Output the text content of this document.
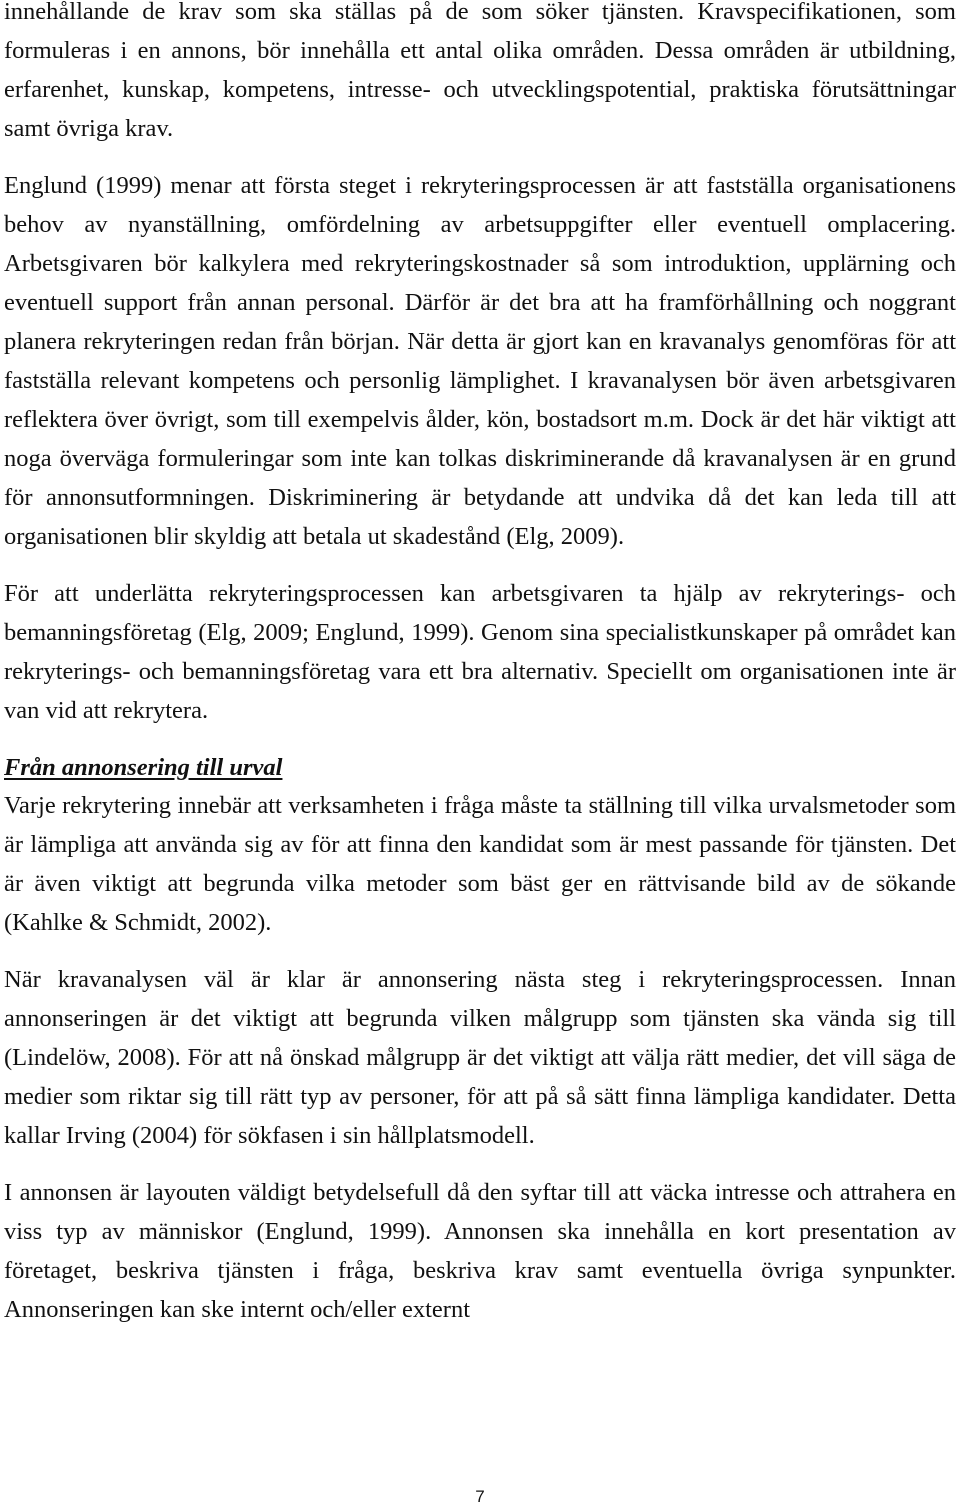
innehållande de krav som ska ställas på de som söker tjänsten. Kravspecifikationen, som formuleras i en annons, bör innehålla ett antal olika områden. Dessa områden är utbildning, erfarenhet, kunskap, kompetens, intresse- och utvecklingspotential, praktiska förutsättningar samt övriga krav.

Englund (1999) menar att första steget i rekryteringsprocessen är att fastställa organisationens behov av nyanställning, omfördelning av arbetsuppgifter eller eventuell omplacering. Arbetsgivaren bör kalkylera med rekryteringskostnader så som introduktion, upplärning och eventuell support från annan personal. Därför är det bra att ha framförhållning och noggrant planera rekryteringen redan från början. När detta är gjort kan en kravanalys genomföras för att fastställa relevant kompetens och personlig lämplighet. I kravanalysen bör även arbetsgivaren reflektera över övrigt, som till exempelvis ålder, kön, bostadsort m.m. Dock är det här viktigt att noga överväga formuleringar som inte kan tolkas diskriminerande då kravanalysen är en grund för annonsutformningen. Diskriminering är betydande att undvika då det kan leda till att organisationen blir skyldig att betala ut skadestånd (Elg, 2009).

För att underlätta rekryteringsprocessen kan arbetsgivaren ta hjälp av rekryterings- och bemanningsföretag (Elg, 2009; Englund, 1999). Genom sina specialistkunskaper på området kan rekryterings- och bemanningsföretag vara ett bra alternativ. Speciellt om organisationen inte är van vid att rekrytera.

Från annonsering till urval

Varje rekrytering innebär att verksamheten i fråga måste ta ställning till vilka urvalsmetoder som är lämpliga att använda sig av för att finna den kandidat som är mest passande för tjänsten. Det är även viktigt att begrunda vilka metoder som bäst ger en rättvisande bild av de sökande (Kahlke & Schmidt, 2002).

När kravanalysen väl är klar är annonsering nästa steg i rekryteringsprocessen. Innan annonseringen är det viktigt att begrunda vilken målgrupp som tjänsten ska vända sig till (Lindelöw, 2008). För att nå önskad målgrupp är det viktigt att välja rätt medier, det vill säga de medier som riktar sig till rätt typ av personer, för att på så sätt finna lämpliga kandidater. Detta kallar Irving (2004) för sökfasen i sin hållplatsmodell.

I annonsen är layouten väldigt betydelsefull då den syftar till att väcka intresse och attrahera en viss typ av människor (Englund, 1999). Annonsen ska innehålla en kort presentation av företaget, beskriva tjänsten i fråga, beskriva krav samt eventuella övriga synpunkter. Annonseringen kan ske internt och/eller externt

7
